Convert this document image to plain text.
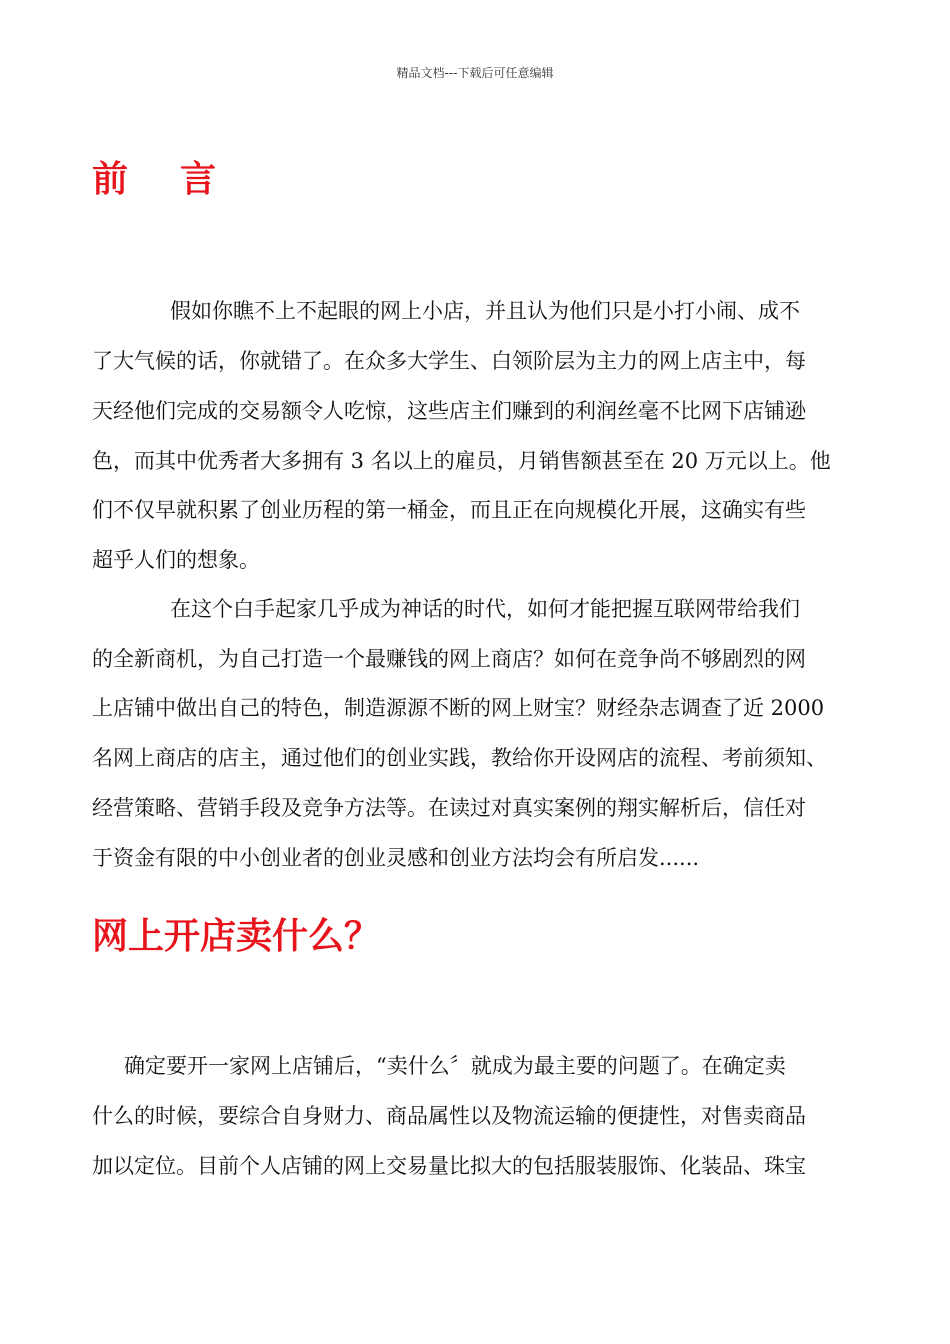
精品文档---下载后可任意编辑
前 言
假如你瞧不上不起眼的网上小店，并且认为他们只是小打小闹、成不
了大气候的话，你就错了。在众多大学生、白领阶层为主力的网上店主中，每
天经他们完成的交易额令人吃惊，这些店主们赚到的利润丝毫不比网下店铺逊
色，而其中优秀者大多拥有 3 名以上的雇员，月销售额甚至在 20 万元以上。他
们不仅早就积累了创业历程的第一桶金，而且正在向规模化开展，这确实有些
超乎人们的想象。
在这个白手起家几乎成为神话的时代，如何才能把握互联网带给我们
的全新商机，为自己打造一个最赚钱的网上商店？如何在竞争尚不够剧烈的网
上店铺中做出自己的特色，制造源源不断的网上财宝？财经杂志调查了近 2000
名网上商店的店主，通过他们的创业实践，教给你开设网店的流程、考前须知、
经营策略、营销手段及竞争方法等。在读过对真实案例的翔实解析后，信任对
于资金有限的中小创业者的创业灵感和创业方法均会有所启发......
网上开店卖什么？
确定要开一家网上店铺后，“卖什么〞就成为最主要的问题了。在确定卖
什么的时候，要综合自身财力、商品属性以及物流运输的便捷性，对售卖商品
加以定位。目前个人店铺的网上交易量比拟大的包括服装服饰、化装品、珠宝
